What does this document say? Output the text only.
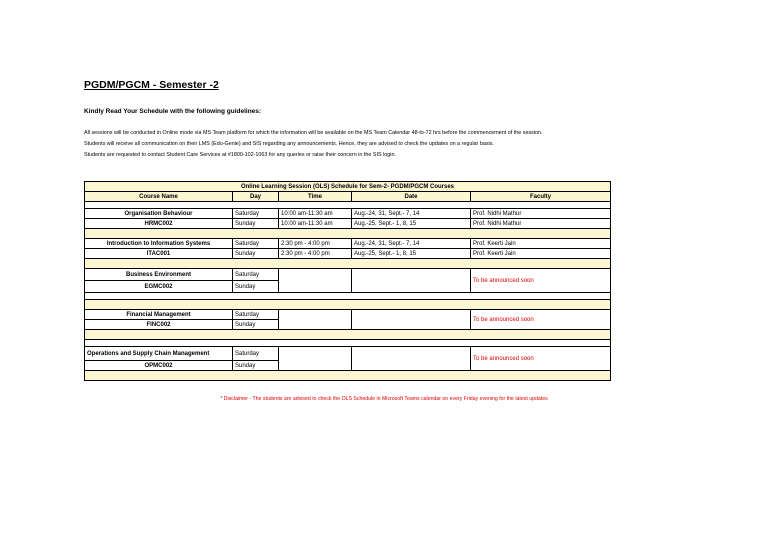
PGDM/PGCM - Semester -2
Kindly Read Your Schedule with the following guidelines:
All sessions will be conducted in Online mode via MS Team platform for which the information will be available on the MS Team Calendar 48-to-72 hrs before the commencement of the session.
Students will receive all communication on their LMS (Edu-Genie) and SIS regarding any announcements. Hence, they are advised to check the updates on a regular basis.
Students are requested to contact Student Care Services at #1800-102-1063 for any queries or raise their concern in the SIS login.
Online Learning Session (OLS) Schedule for Sem-2- PGDM/PGCM Courses				
Course Name	Day	Time	Date	Faculty

Organisation Behaviour	Saturday	10:00 am-11:30 am	Aug.-24, 31, Sept.- 7, 14	Prof. Nidhi Mathur
HRMC002	Sunday	10:00 am-11:30 am	Aug.-25, Sept.- 1, 8, 15	Prof. Nidhi Mathur

Introduction to Information Systems	Saturday	2:30 pm - 4:00 pm	Aug.-24, 31, Sept.- 7, 14	Prof. Keerti Jain
ITAC001	Sunday	2:30 pm - 4:00 pm	Aug.-25, Sept.- 1, 8, 15	Prof. Keerti Jain

Business Environment	Saturday			To be announced soon
EGMC002	Sunday			

Financial Management	Saturday			To be announced soon
FINC002	Sunday			

Operations and Supply Chain Management	Saturday			To be announced soon
OPMC002	Sunday			

* Disclaimer - The students are advised to check the OLS Schedule in Microsoft Teams calendar on every Friday evening for the latest updates
